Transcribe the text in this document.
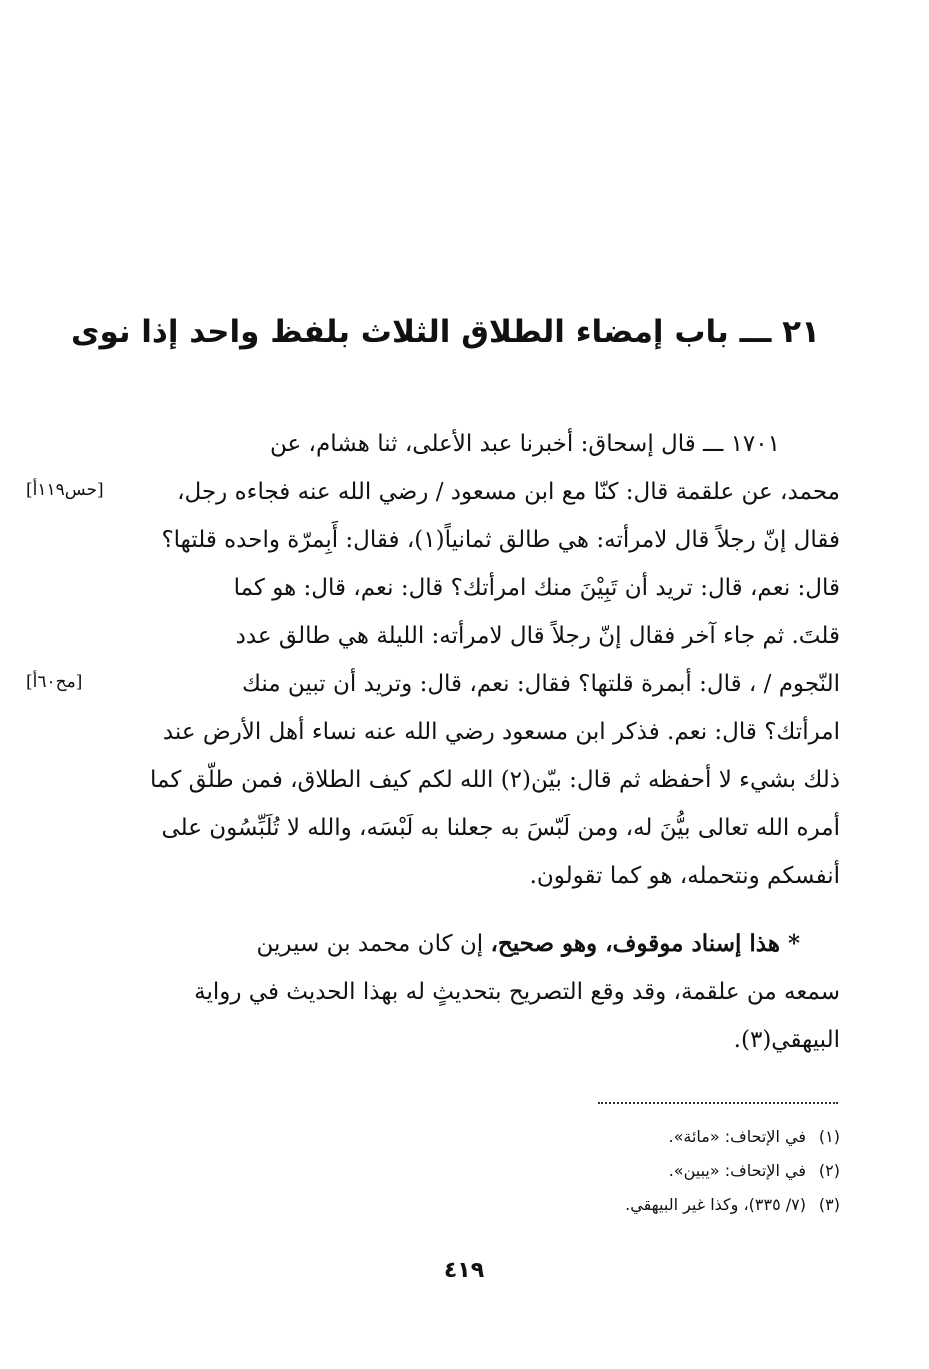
٢١ ـــ باب إمضاء الطلاق الثلاث بلفظ واحد إذا نوى
١٧٠١ ـــ قال إسحاق: أخبرنا عبد الأعلى، ثنا هشام، عن
محمد، عن علقمة قال: كنّا مع ابن مسعود / رضي الله عنه فجاءه رجل،
فقال إنّ رجلاً قال لامرأته: هي طالق ثمانياً(١)، فقال: أَبِمرّة واحده قلتها؟
قال: نعم، قال: تريد أن تَبِيْنَ منك امرأتك؟ قال: نعم، قال: هو كما
قلتَ. ثم جاء آخر فقال إنّ رجلاً قال لامرأته: الليلة هي طالق عدد
النّجوم / ، قال: أبمرة قلتها؟ فقال: نعم، قال: وتريد أن تبين منك
امرأتك؟ قال: نعم. فذكر ابن مسعود رضي الله عنه نساء أهل الأرض عند
ذلك بشيء لا أحفظه ثم قال: بيّن(٢) الله لكم كيف الطلاق، فمن طلّق كما
أمره الله تعالى بيُّنَ له، ومن لَبّسَ به جعلنا به لَبْسَه، والله لا تُلَبِّسُون على
أنفسكم ونتحمله، هو كما تقولون.
[حس١١٩أ]
[مح٦٠أ]
* هذا إسناد موقوف، وهو صحيح، إن كان محمد بن سيرين
سمعه من علقمة، وقد وقع التصريح بتحديثٍ له بهذا الحديث في رواية
البيهقي(٣).
(١)في الإتحاف: «مائة».
(٢)في الإتحاف: «يبين».
(٣)(٧/ ٣٣٥)، وكذا غير البيهقي.
٤١٩
